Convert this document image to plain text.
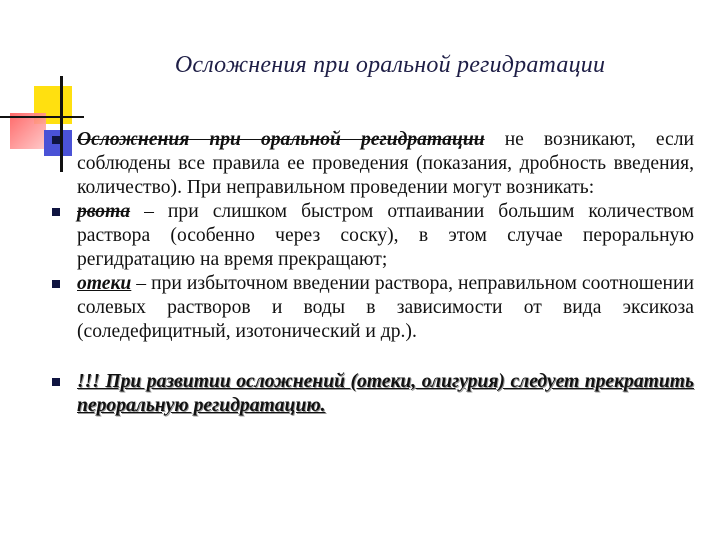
Осложнения при оральной регидратации
Осложнения при оральной регидратации не возникают, если соблюдены все правила ее проведения (показания, дробность введения, количество). При неправильном проведении могут возникать:
рвота – при слишком быстром отпаивании большим количеством раствора (особенно через соску), в этом случае пероральную регидратацию на время прекращают;
отеки – при избыточном введении раствора, неправильном соотношении солевых растворов и воды в зависимости от вида эксикоза (соледефицитный, изотонический и др.).
!!! При развитии осложнений (отеки, олигурия) следует прекратить пероральную регидратацию.
